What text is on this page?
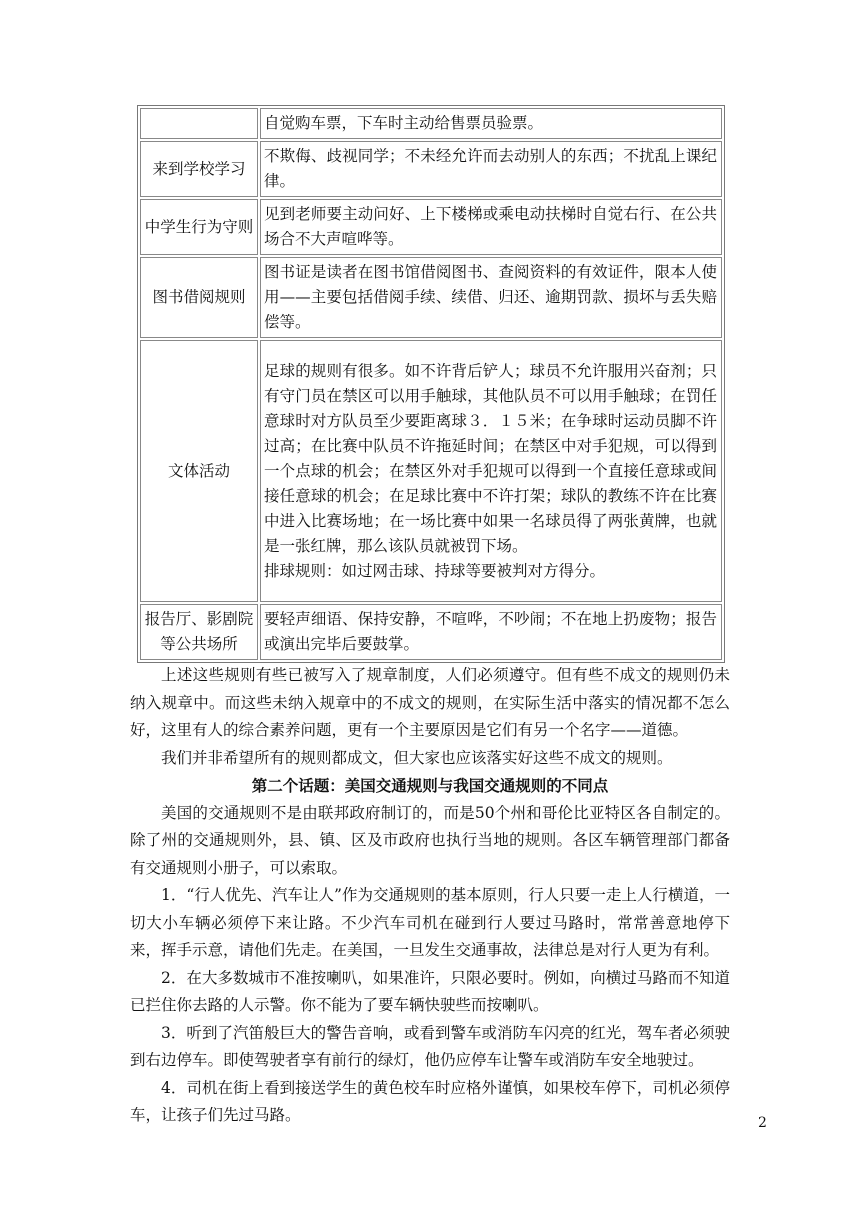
	自觉购车票，下车时主动给售票员验票。
来到学校学习	不欺侮、歧视同学；不未经允许而去动别人的东西；不扰乱上课纪律。
中学生行为守则	见到老师要主动问好、上下楼梯或乘电动扶梯时自觉右行、在公共场合不大声喧哗等。
图书借阅规则	图书证是读者在图书馆借阅图书、查阅资料的有效证件，限本人使用——主要包括借阅手续、续借、归还、逾期罚款、损坏与丢失赔偿等。
文体活动	足球的规则有很多。如不许背后铲人；球员不允许服用兴奋剂；只有守门员在禁区可以用手触球，其他队员不可以用手触球；在罚任意球时对方队员至少要距离球３．１５米；在争球时运动员脚不许过高；在比赛中队员不许拖延时间；在禁区中对手犯规，可以得到一个点球的机会；在禁区外对手犯规可以得到一个直接任意球或间接任意球的机会；在足球比赛中不许打架；球队的教练不许在比赛中进入比赛场地；在一场比赛中如果一名球员得了两张黄牌，也就是一张红牌，那么该队员就被罚下场。
排球规则：如过网击球、持球等要被判对方得分。

报告厅、影剧院等公共场所	要轻声细语、保持安静，不喧哗，不吵闹；不在地上扔废物；报告或演出完毕后要鼓掌。

上述这些规则有些已被写入了规章制度，人们必须遵守。但有些不成文的规则仍未纳入规章中。而这些未纳入规章中的不成文的规则，在实际生活中落实的情况都不怎么好，这里有人的综合素养问题，更有一个主要原因是它们有另一个名字——道德。

我们并非希望所有的规则都成文，但大家也应该落实好这些不成文的规则。

第二个话题：美国交通规则与我国交通规则的不同点

美国的交通规则不是由联邦政府制订的，而是50个州和哥伦比亚特区各自制定的。除了州的交通规则外，县、镇、区及市政府也执行当地的规则。各区车辆管理部门都备有交通规则小册子，可以索取。

1．“行人优先、汽车让人”作为交通规则的基本原则，行人只要一走上人行横道，一切大小车辆必须停下来让路。不少汽车司机在碰到行人要过马路时，常常善意地停下来，挥手示意，请他们先走。在美国，一旦发生交通事故，法律总是对行人更为有利。

2．在大多数城市不准按喇叭，如果准许，只限必要时。例如，向横过马路而不知道已拦住你去路的人示警。你不能为了要车辆快驶些而按喇叭。

3．听到了汽笛般巨大的警告音响，或看到警车或消防车闪亮的红光，驾车者必须驶到右边停车。即使驾驶者享有前行的绿灯，他仍应停车让警车或消防车安全地驶过。

4．司机在街上看到接送学生的黄色校车时应格外谨慎，如果校车停下，司机必须停车，让孩子们先过马路。	2
